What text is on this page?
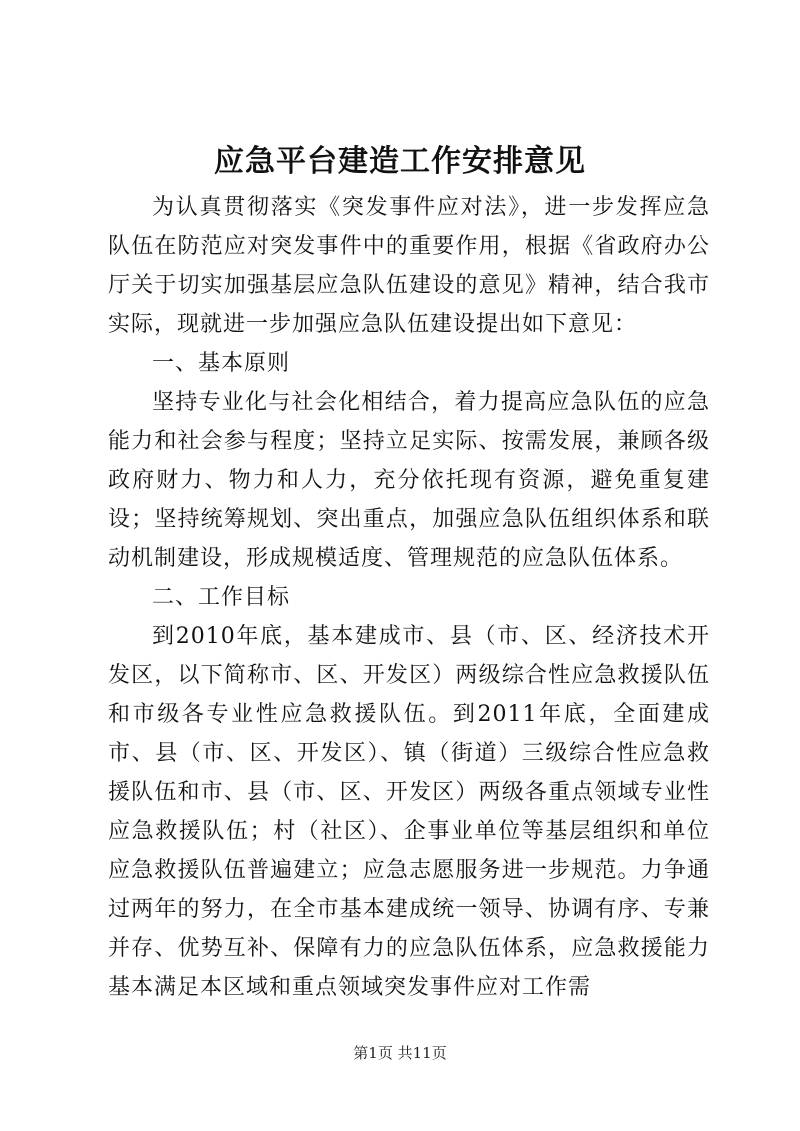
应急平台建造工作安排意见

为认真贯彻落实《突发事件应对法》，进一步发挥应急队伍在防范应对突发事件中的重要作用，根据《省政府办公厅关于切实加强基层应急队伍建设的意见》精神，结合我市实际，现就进一步加强应急队伍建设提出如下意见：

一、基本原则

坚持专业化与社会化相结合，着力提高应急队伍的应急能力和社会参与程度；坚持立足实际、按需发展，兼顾各级政府财力、物力和人力，充分依托现有资源，避免重复建设；坚持统筹规划、突出重点，加强应急队伍组织体系和联动机制建设，形成规模适度、管理规范的应急队伍体系。

二、工作目标

到2010年底，基本建成市、县（市、区、经济技术开发区，以下简称市、区、开发区）两级综合性应急救援队伍和市级各专业性应急救援队伍。到2011年底，全面建成市、县（市、区、开发区）、镇（街道）三级综合性应急救援队伍和市、县（市、区、开发区）两级各重点领域专业性应急救援队伍；村（社区）、企事业单位等基层组织和单位应急救援队伍普遍建立；应急志愿服务进一步规范。力争通过两年的努力，在全市基本建成统一领导、协调有序、专兼并存、优势互补、保障有力的应急队伍体系，应急救援能力基本满足本区域和重点领域突发事件应对工作需

第1页 共11页
